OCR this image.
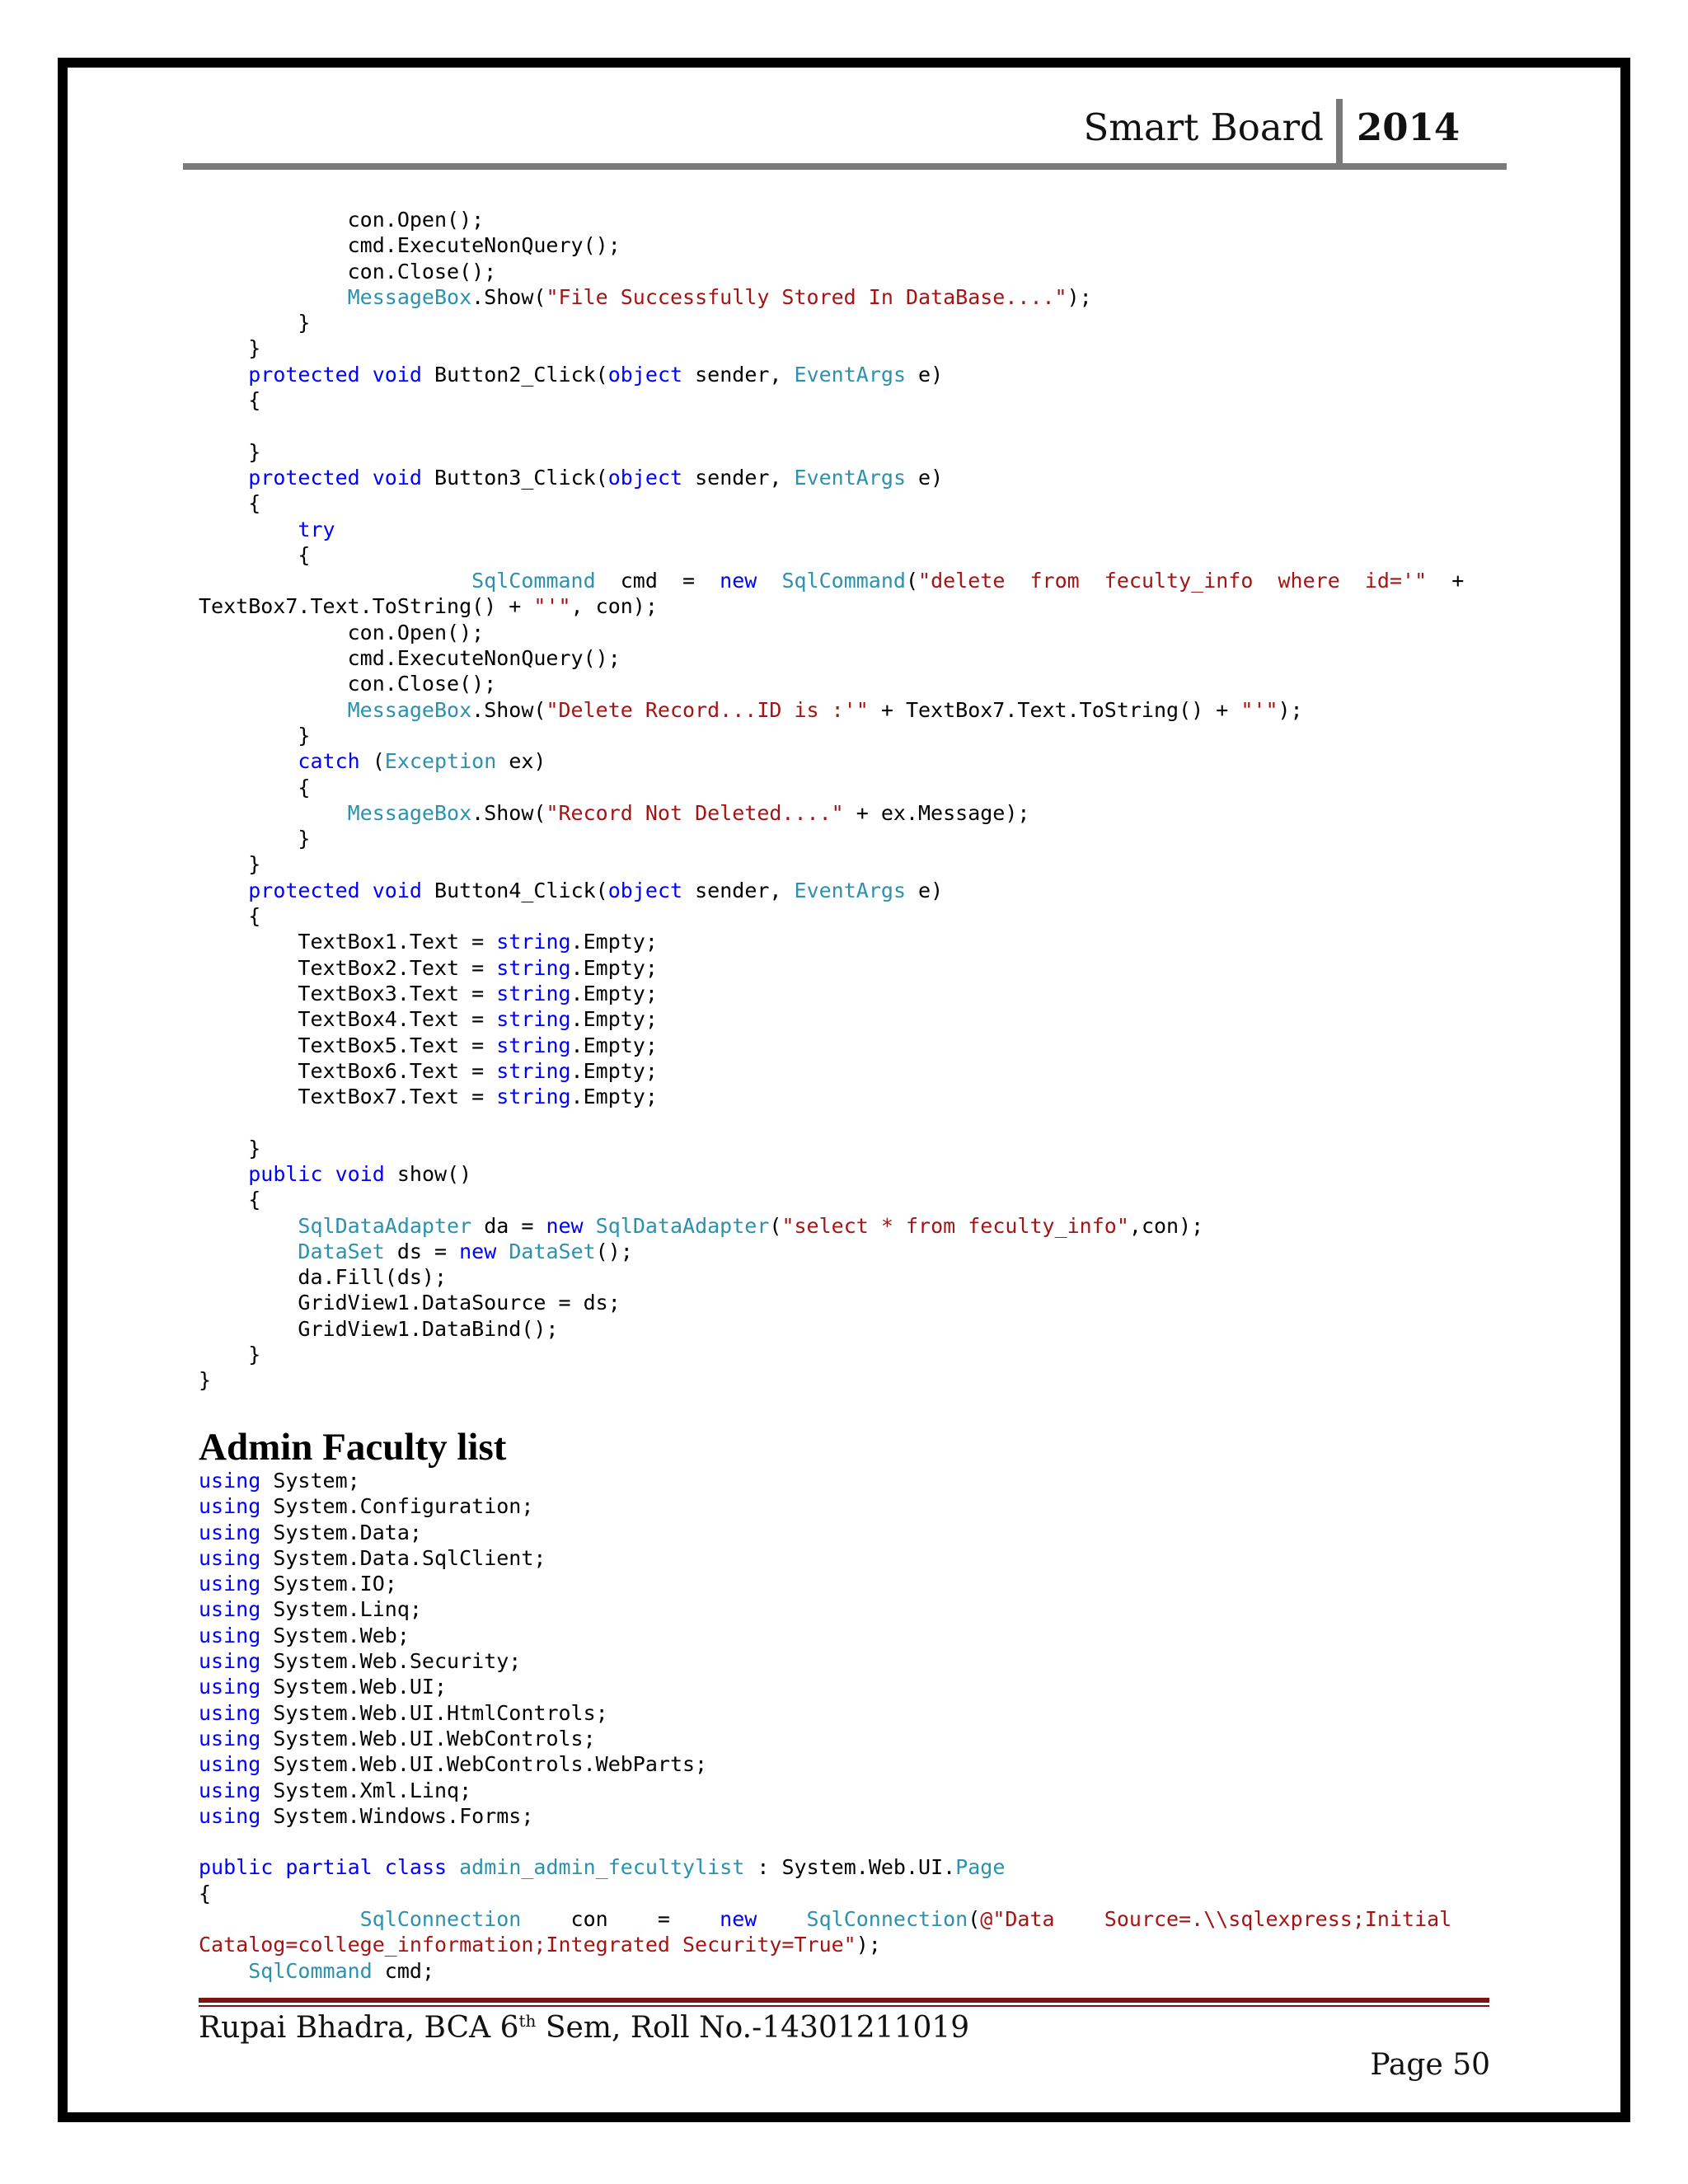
Smart Board 2014
con.Open();
cmd.ExecuteNonQuery();
con.Close();
MessageBox.Show("File Successfully Stored In DataBase....");
}
}
protected void Button2_Click(object sender, EventArgs e)
{

}
protected void Button3_Click(object sender, EventArgs e)
{
try
{
SqlCommand  cmd  =  new SqlCommand("delete  from  feculty_info  where  id='"  +
TextBox7.Text.ToString() + "'", con);
con.Open();
cmd.ExecuteNonQuery();
con.Close();
MessageBox.Show("Delete Record...ID is :'" + TextBox7.Text.ToString() + "'");
}
catch (Exception ex)
{
MessageBox.Show("Record Not Deleted...." + ex.Message);
}
}
protected void Button4_Click(object sender, EventArgs e)
{
TextBox1.Text = string.Empty;
TextBox2.Text = string.Empty;
TextBox3.Text = string.Empty;
TextBox4.Text = string.Empty;
TextBox5.Text = string.Empty;
TextBox6.Text = string.Empty;
TextBox7.Text = string.Empty;

}
public void show()
{
SqlDataAdapter da = new SqlDataAdapter("select * from feculty_info",con);
DataSet ds = new DataSet();
da.Fill(ds);
GridView1.DataSource = ds;
GridView1.DataBind();
}
}
Admin Faculty list
using System;
using System.Configuration;
using System.Data;
using System.Data.SqlClient;
using System.IO;
using System.Linq;
using System.Web;
using System.Web.Security;
using System.Web.UI;
using System.Web.UI.HtmlControls;
using System.Web.UI.WebControls;
using System.Web.UI.WebControls.WebParts;
using System.Xml.Linq;
using System.Windows.Forms;

public partial class admin_admin_fecultylist : System.Web.UI.Page
{
SqlConnection    con    =    new SqlConnection(@"Data    Source=.\\sqlexpress;Initial
Catalog=college_information;Integrated Security=True");
SqlCommand cmd;
Rupai Bhadra, BCA 6th Sem, Roll No.-14301211019
Page 50
